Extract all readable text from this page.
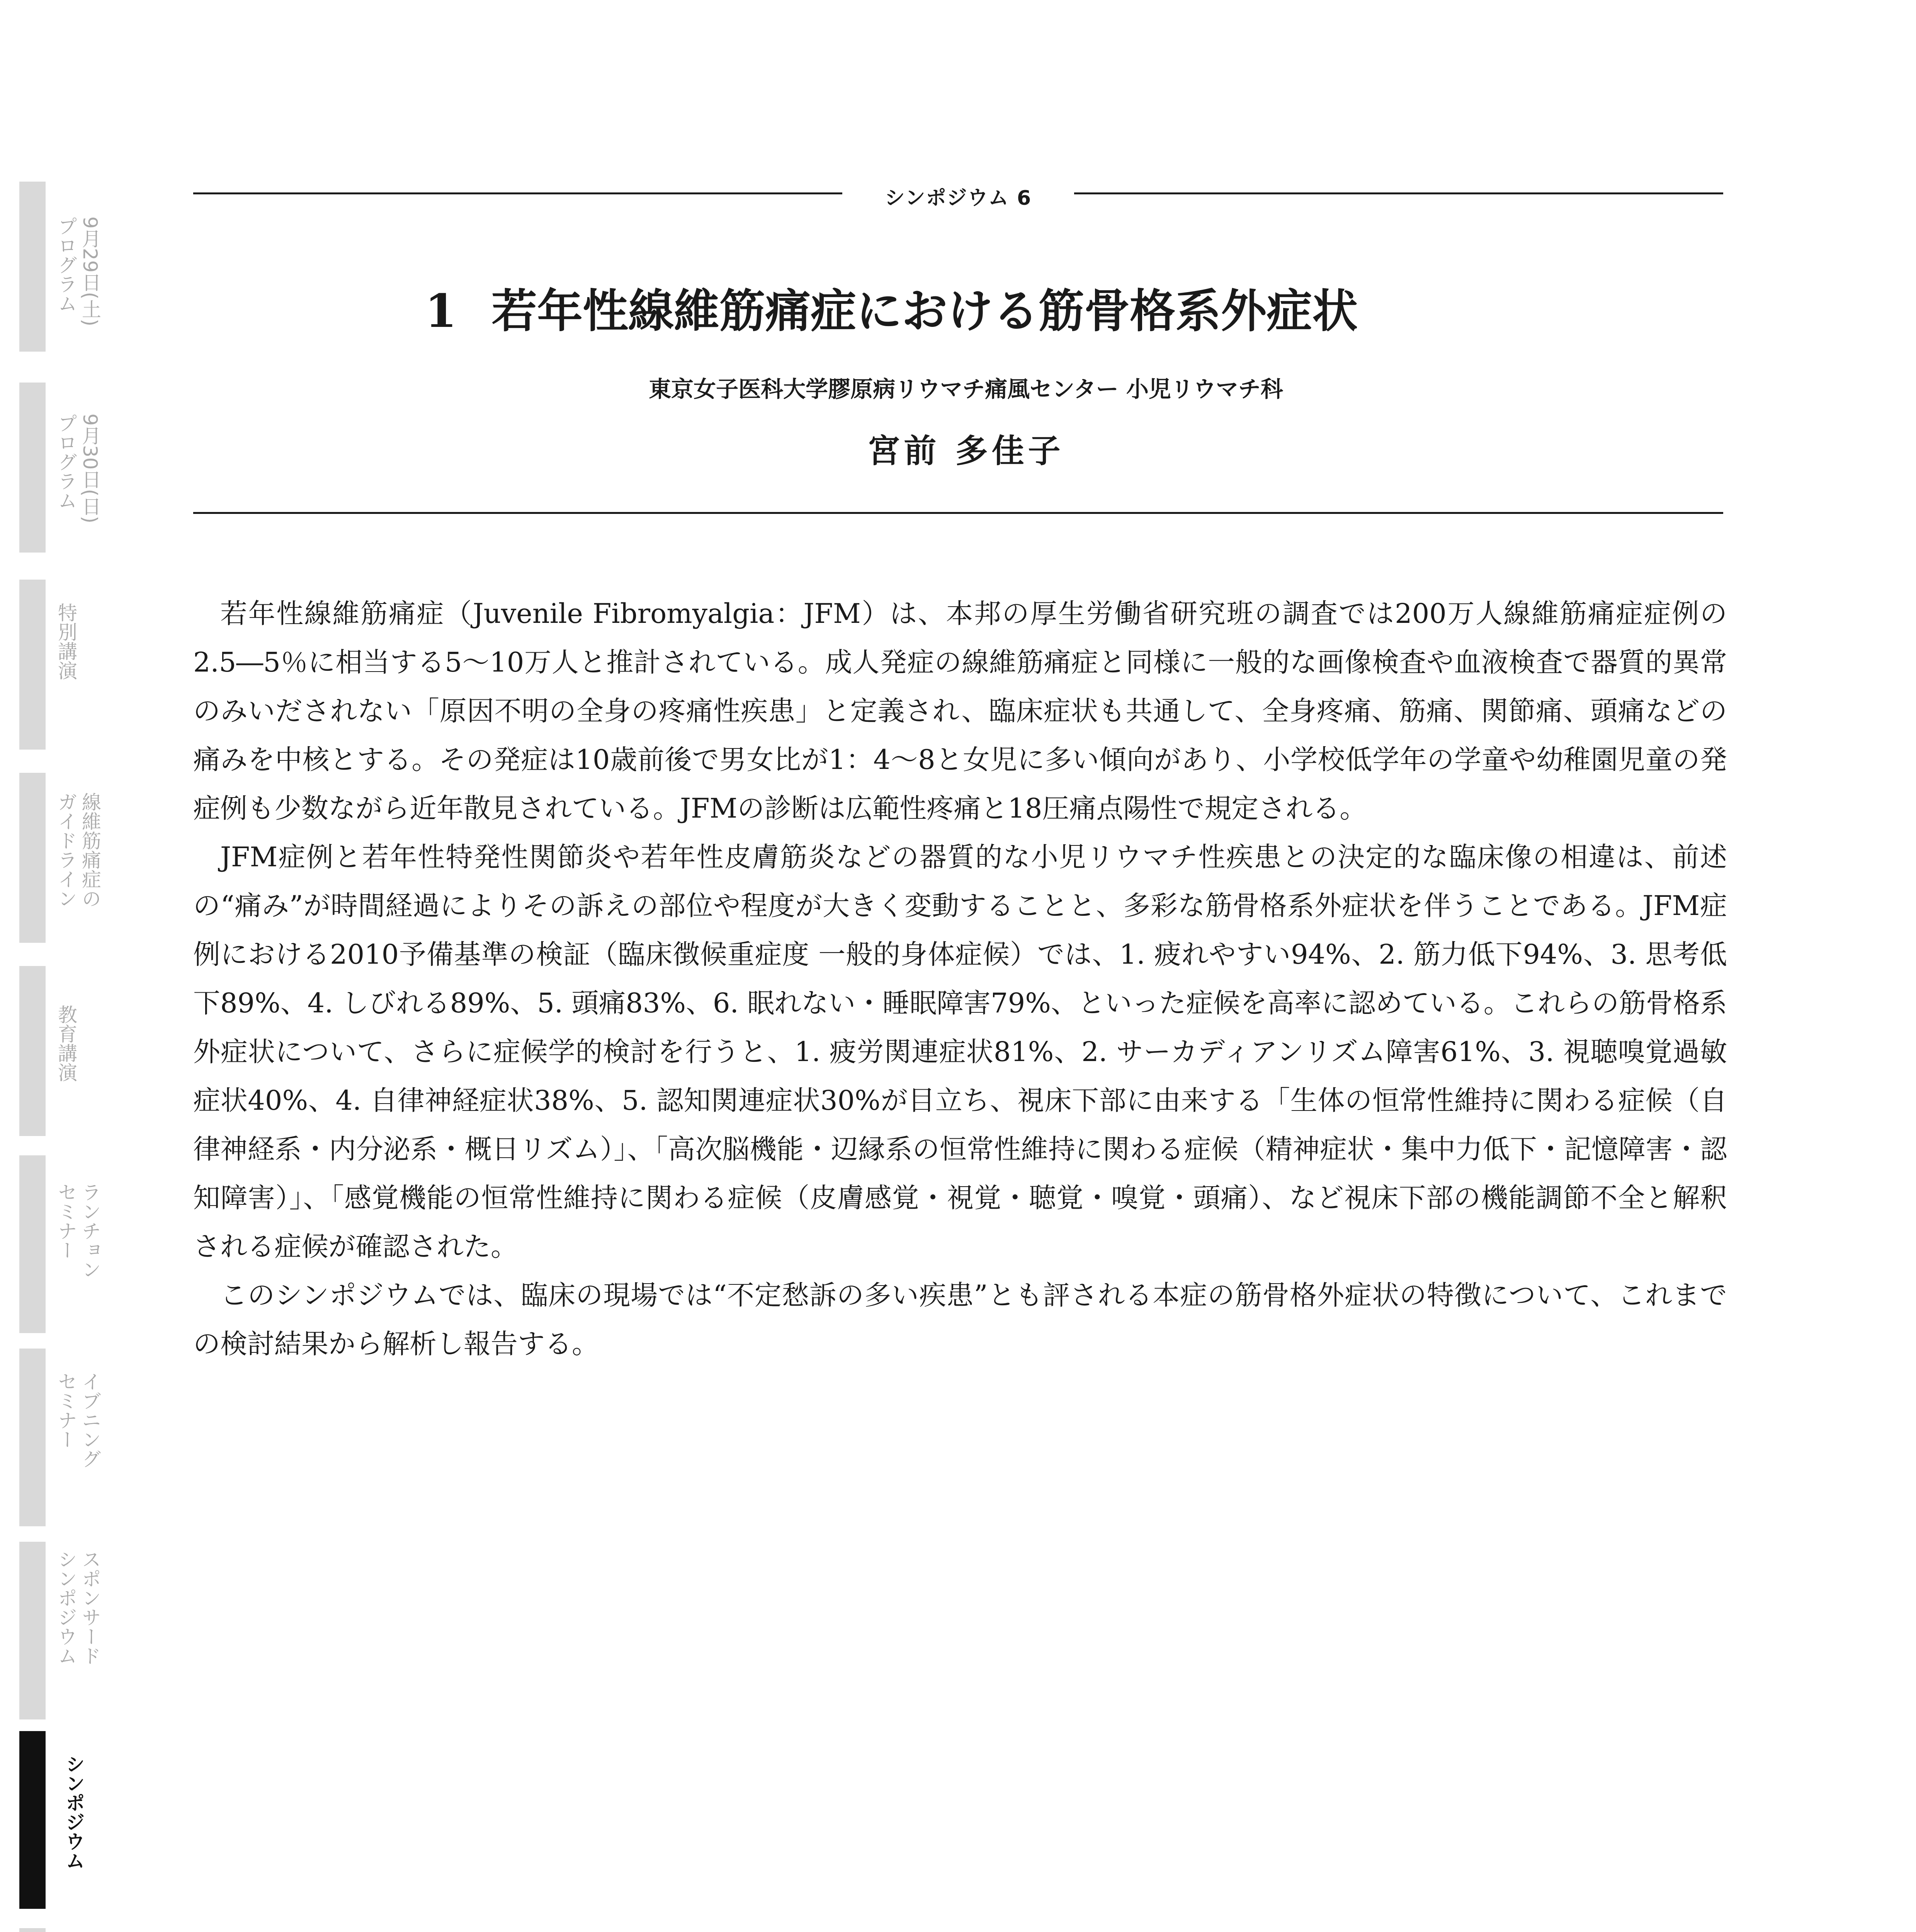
9月29日(土)
プログラム
9月30日(日)
プログラム
特別講演
線維筋痛症の
ガイドライン
教育講演
ランチョン
セミナー
イブニング
セミナー
スポンサード
シンポジウム
シンポジウム
シンポジウム 6
1 若年性線維筋痛症における筋骨格系外症状
東京女子医科大学膠原病リウマチ痛風センター 小児リウマチ科
宮前 多佳子

若年性線維筋痛症（Juvenile Fibromyalgia：JFM）は、本邦の厚生労働省研究班の調査では200万人線維筋痛症症例の2.5―5％に相当する5～10万人と推計されている。成人発症の線維筋痛症と同様に一般的な画像検査や血液検査で器質的異常のみいだされない「原因不明の全身の疼痛性疾患」と定義され、臨床症状も共通して、全身疼痛、筋痛、関節痛、頭痛などの痛みを中核とする。その発症は10歳前後で男女比が1：4～8と女児に多い傾向があり、小学校低学年の学童や幼稚園児童の発症例も少数ながら近年散見されている。JFMの診断は広範性疼痛と18圧痛点陽性で規定される。

JFM症例と若年性特発性関節炎や若年性皮膚筋炎などの器質的な小児リウマチ性疾患との決定的な臨床像の相違は、前述の“痛み”が時間経過によりその訴えの部位や程度が大きく変動することと、多彩な筋骨格系外症状を伴うことである。JFM症例における2010予備基準の検証（臨床徴候重症度 一般的身体症候）では、1. 疲れやすい94%、2. 筋力低下94%、3. 思考低下89%、4. しびれる89%、5. 頭痛83%、6. 眠れない・睡眠障害79%、といった症候を高率に認めている。これらの筋骨格系外症状について、さらに症候学的検討を行うと、1. 疲労関連症状81%、2. サーカディアンリズム障害61%、3. 視聴嗅覚過敏症状40%、4. 自律神経症状38%、5. 認知関連症状30%が目立ち、視床下部に由来する「生体の恒常性維持に関わる症候（自律神経系・内分泌系・概日リズム）」、「高次脳機能・辺縁系の恒常性維持に関わる症候（精神症状・集中力低下・記憶障害・認知障害）」、「感覚機能の恒常性維持に関わる症候（皮膚感覚・視覚・聴覚・嗅覚・頭痛）、など視床下部の機能調節不全と解釈される症候が確認された。

このシンポジウムでは、臨床の現場では“不定愁訴の多い疾患”とも評される本症の筋骨格外症状の特徴について、これまでの検討結果から解析し報告する。
